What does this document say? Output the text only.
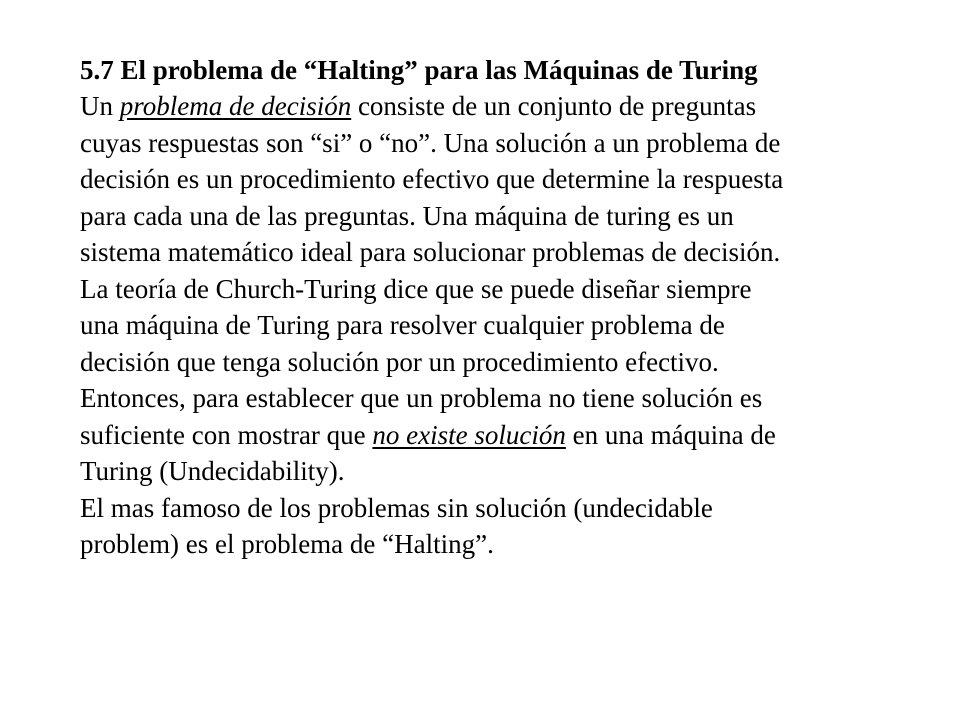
5.7 El problema de “Halting” para las Máquinas de Turing

Un problema de decisión consiste de un conjunto de preguntas

cuyas respuestas son “si” o “no”. Una solución a un problema de

decisión es un procedimiento efectivo que determine la respuesta

para cada una de las preguntas. Una máquina de turing es un

sistema matemático ideal para solucionar problemas de decisión.

La teoría de Church-Turing dice que se puede diseñar siempre

una máquina de Turing para resolver cualquier problema de

decisión que tenga solución por un procedimiento efectivo.

Entonces, para establecer que un problema no tiene solución es

suficiente con mostrar que no existe solución en una máquina de

Turing (Undecidability).

El mas famoso de los problemas sin solución (undecidable

problem) es el problema de “Halting”.
